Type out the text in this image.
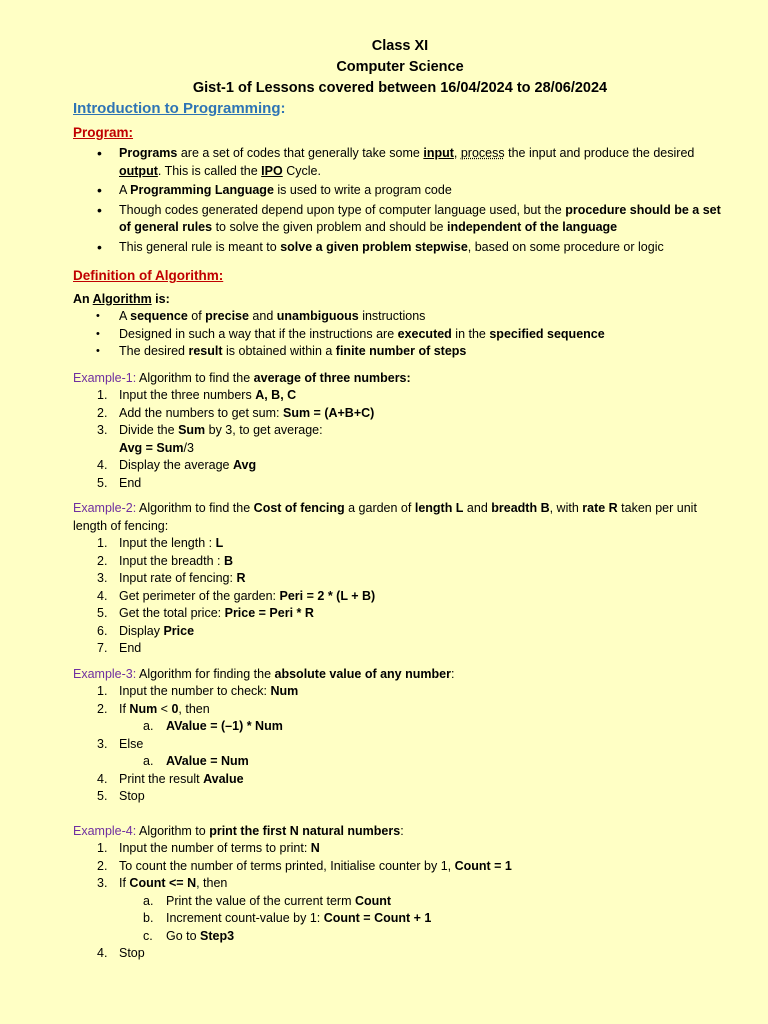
Class XI
Computer Science
Gist-1 of Lessons covered between 16/04/2024 to 28/06/2024
Introduction to Programming:
Program:
• Programs are a set of codes that generally take some input, process the input and produce the desired output. This is called the IPO Cycle.
• A Programming Language is used to write a program code
• Though codes generated depend upon type of computer language used, but the procedure should be a set of general rules to solve the given problem and should be independent of the language
• This general rule is meant to solve a given problem stepwise, based on some procedure or logic
Definition of Algorithm:
An Algorithm is:
• A sequence of precise and unambiguous instructions
• Designed in such a way that if the instructions are executed in the specified sequence
• The desired result is obtained within a finite number of steps
Example-1: Algorithm to find the average of three numbers:
1. Input the three numbers A, B, C
2. Add the numbers to get sum: Sum = (A+B+C)
3. Divide the Sum by 3, to get average:
Avg = Sum/3
4. Display the average Avg
5. End
Example-2: Algorithm to find the Cost of fencing a garden of length L and breadth B, with rate R taken per unit length of fencing:
1. Input the length : L
2. Input the breadth : B
3. Input rate of fencing: R
4. Get perimeter of the garden: Peri = 2 * (L + B)
5. Get the total price: Price = Peri * R
6. Display Price
7. End
Example-3: Algorithm for finding the absolute value of any number:
1. Input the number to check: Num
2. If Num < 0, then
a. AValue = (–1) * Num
3. Else
a. AValue = Num
4. Print the result Avalue
5. Stop
Example-4: Algorithm to print the first N natural numbers:
1. Input the number of terms to print: N
2. To count the number of terms printed, Initialise counter by 1, Count = 1
3. If Count <= N, then
a. Print the value of the current term Count
b. Increment count-value by 1: Count = Count + 1
c. Go to Step3
4. Stop
